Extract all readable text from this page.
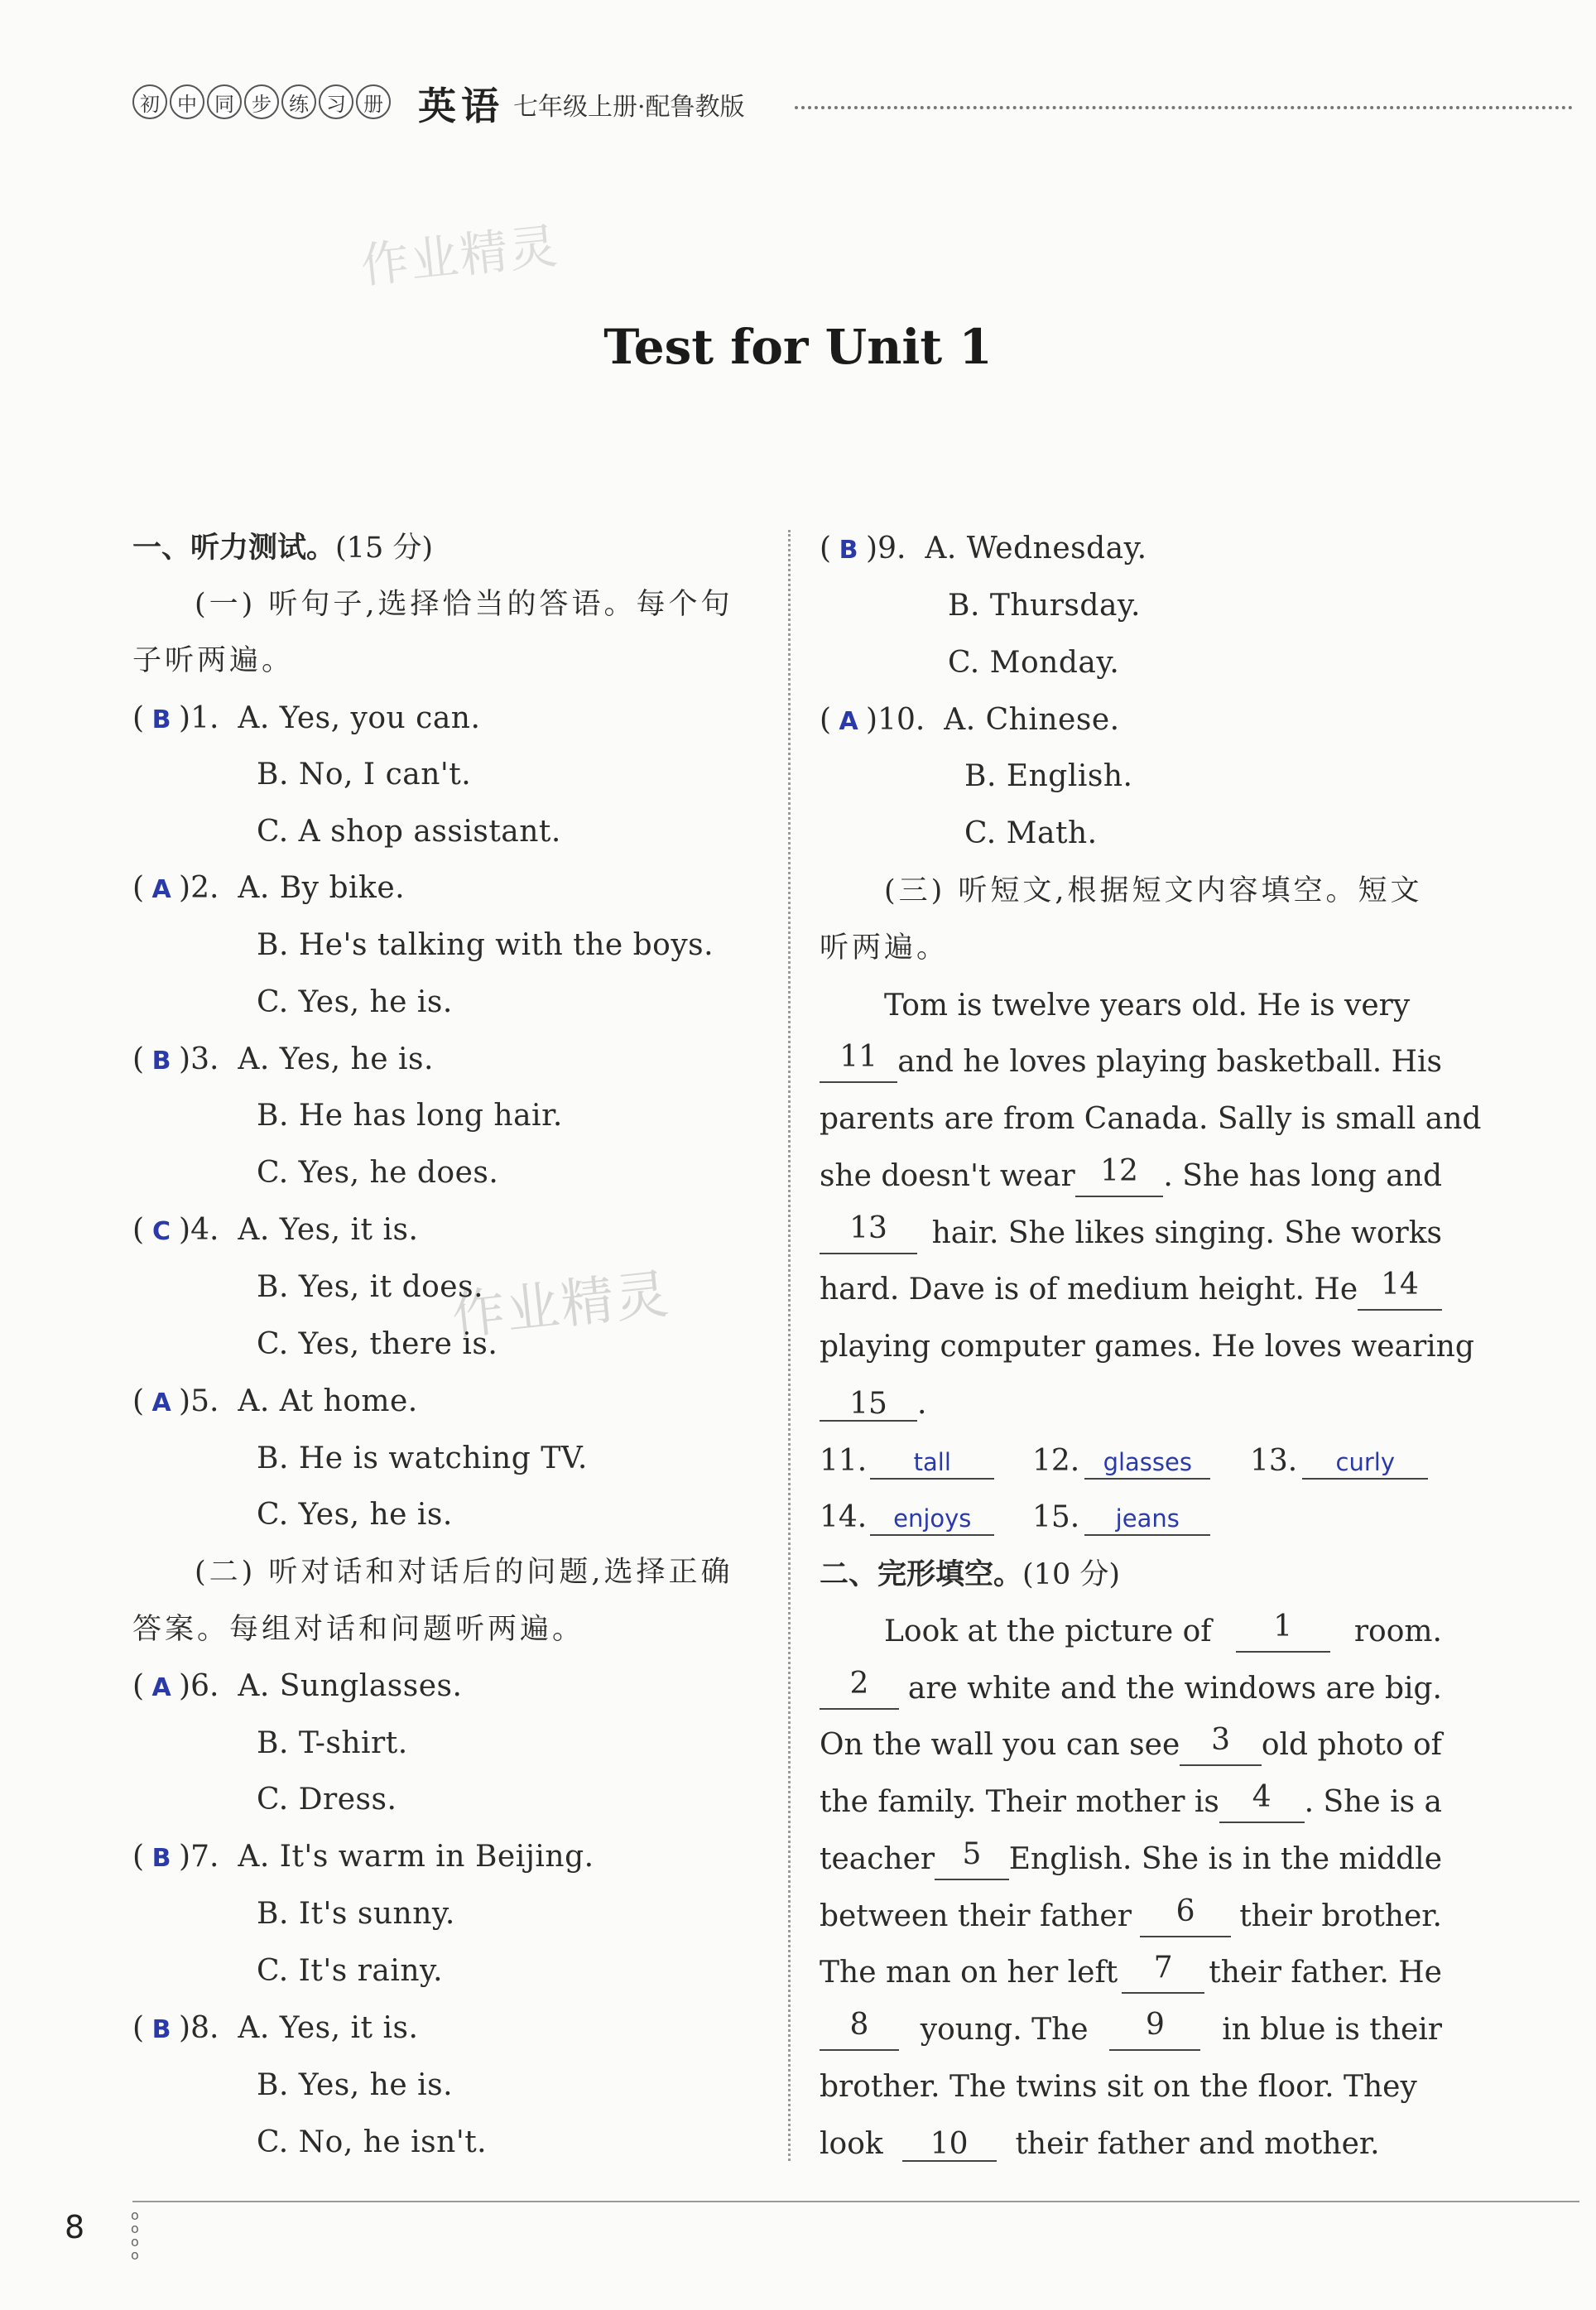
初 中 同 步 练 习 册 英语 七年级上册·配鲁教版
作业精灵
作业精灵
Test for Unit 1
一、听力测试。(15 分)
(一) 听句子,选择恰当的答语。每个句
子听两遍。
( B )1. A. Yes, you can.
B. No, I can't.
C. A shop assistant.
( A )2. A. By bike.
B. He's talking with the boys.
C. Yes, he is.
( B )3. A. Yes, he is.
B. He has long hair.
C. Yes, he does.
( C )4. A. Yes, it is.
B. Yes, it does.
C. Yes, there is.
( A )5. A. At home.
B. He is watching TV.
C. Yes, he is.
(二) 听对话和对话后的问题,选择正确
答案。每组对话和问题听两遍。
( A )6. A. Sunglasses.
B. T-shirt.
C. Dress.
( B )7. A. It's warm in Beijing.
B. It's sunny.
C. It's rainy.
( B )8. A. Yes, it is.
B. Yes, he is.
C. No, he isn't.
( B )9. A. Wednesday.
B. Thursday.
C. Monday.
( A )10. A. Chinese.
B. English.
C. Math.
(三) 听短文,根据短文内容填空。短文
听两遍。
Tom is twelve years old. He is very
11 and he loves playing basketball. His
parents are from Canada. Sally is small and
she doesn't wear 12 . She has long and
13	hair. She likes singing. She works
hard. Dave is of medium height. He 14
playing computer games. He loves wearing
15 .
11. tall	12. glasses	13. curly
14. enjoys	15. jeans
二、完形填空。(10 分)
Look at the picture of	1	room.
2	are white and the windows are big.
On the wall you can see	3	old photo of
the family. Their mother is	4	. She is a
teacher 5 English. She is in the middle
between their father	6	their brother.
The man on her left	7	their father. He
8	young. The	9	in blue is their
brother. The twins sit on the floor. They
look 10 their father and mother.
8	o
o
o
o
